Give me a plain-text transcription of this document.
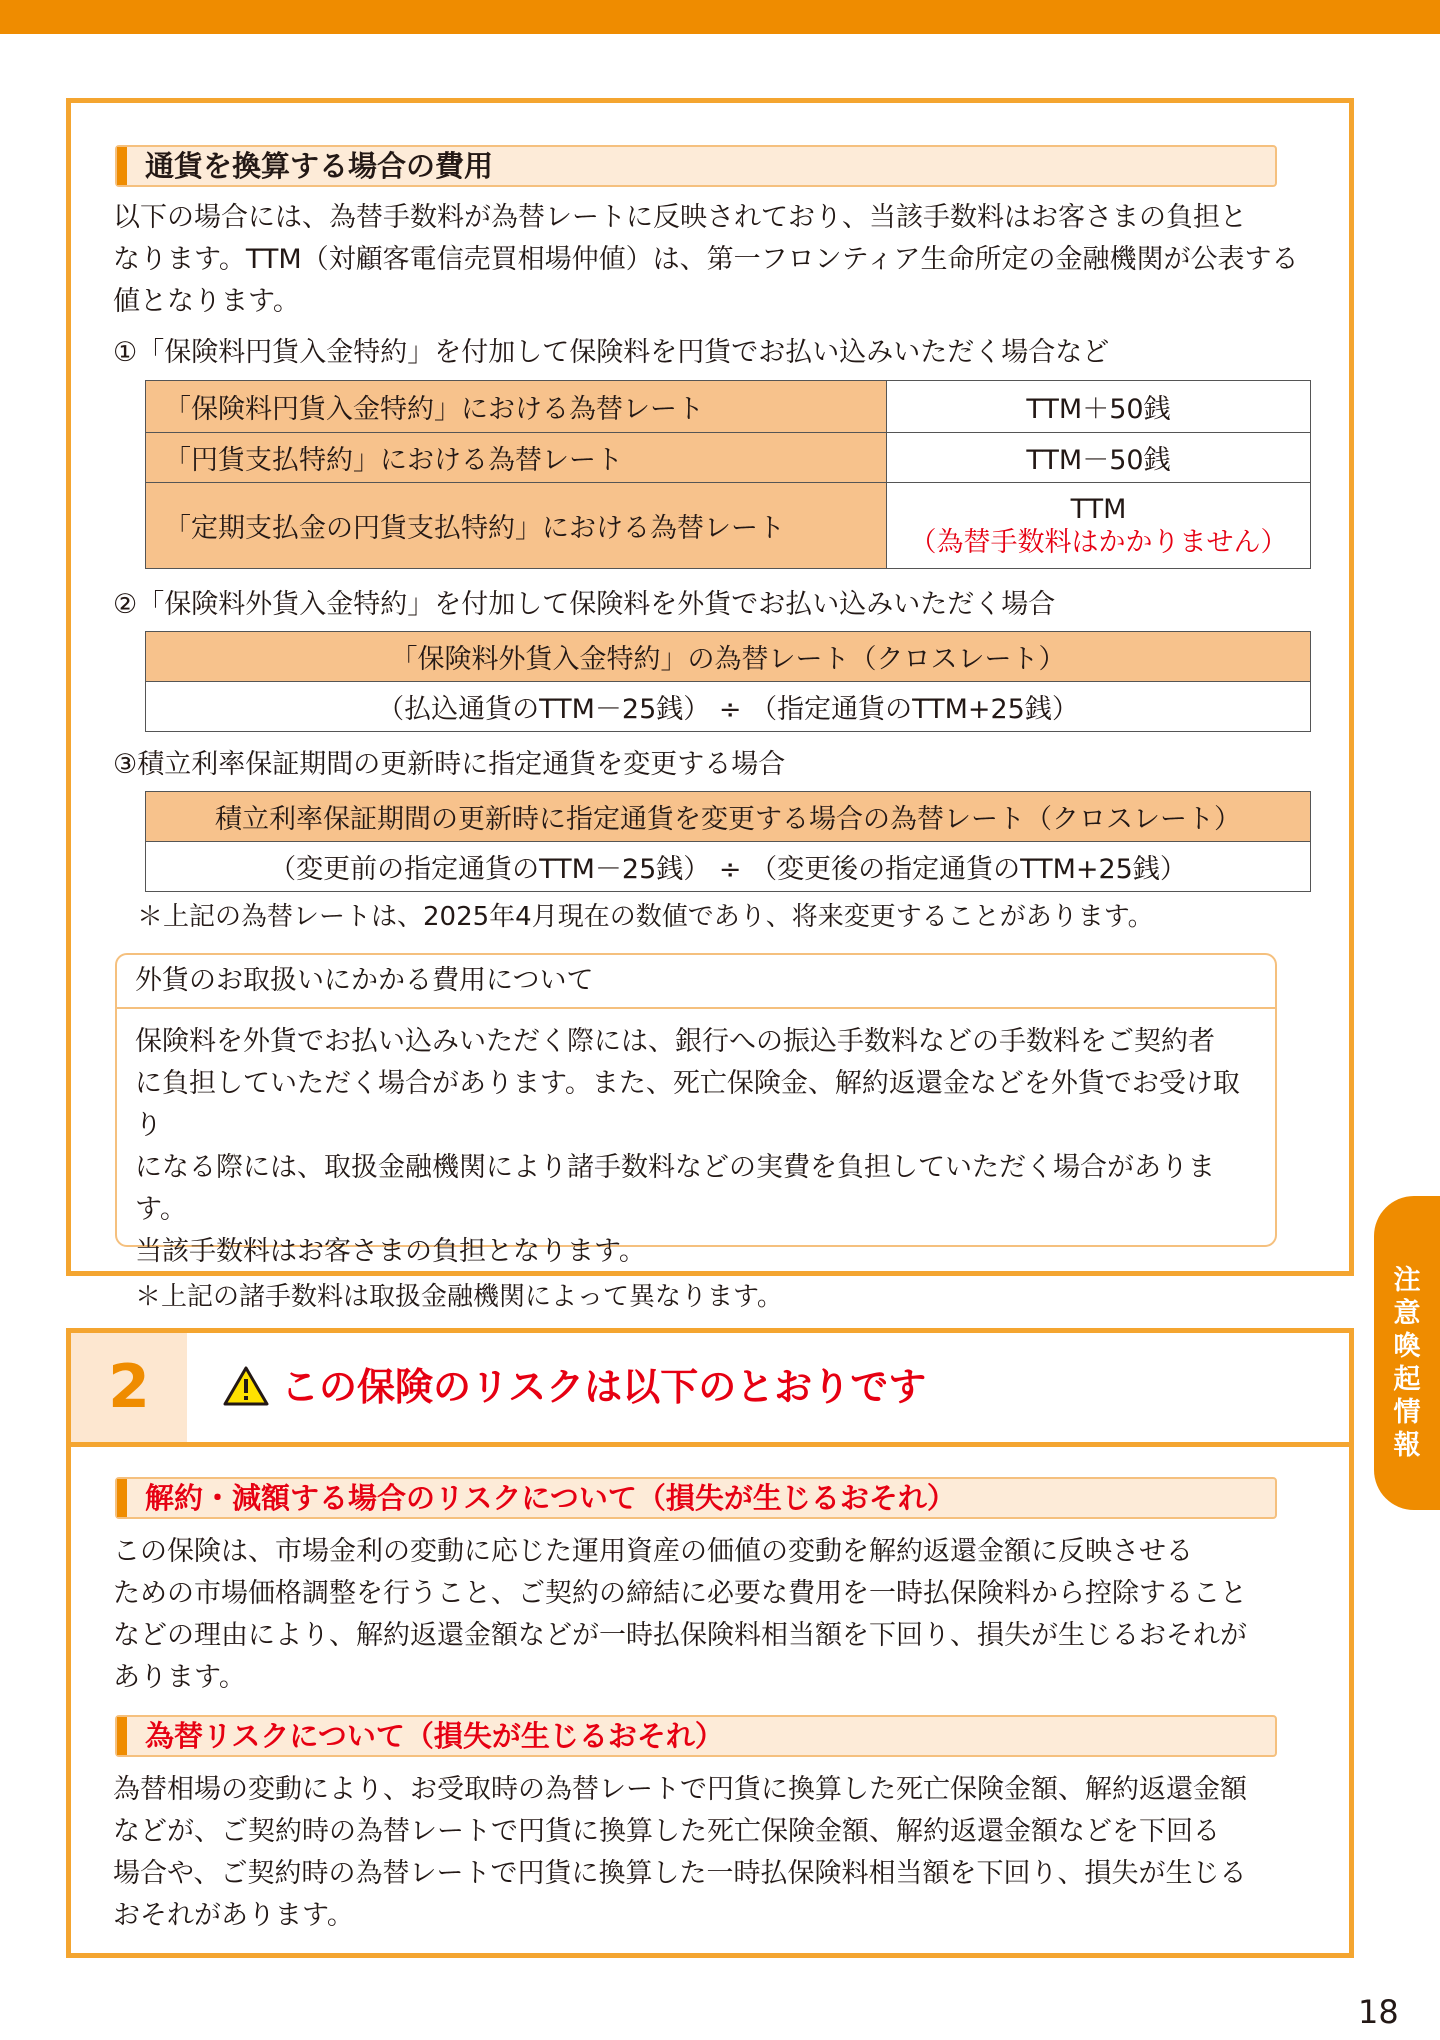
通貨を換算する場合の費用
以下の場合には、為替手数料が為替レートに反映されており、当該手数料はお客さまの負担と
なります。TTM（対顧客電信売買相場仲値）は、第一フロンティア生命所定の金融機関が公表する
値となります。
①「保険料円貨入金特約」を付加して保険料を円貨でお払い込みいただく場合など
「保険料円貨入金特約」における為替レート	TTM＋50銭
「円貨支払特約」における為替レート	TTM－50銭
「定期支払金の円貨支払特約」における為替レート	TTM
（為替手数料はかかりません）
②「保険料外貨入金特約」を付加して保険料を外貨でお払い込みいただく場合
「保険料外貨入金特約」の為替レート（クロスレート）
（払込通貨のTTM－25銭） ÷ （指定通貨のTTM+25銭）
③積立利率保証期間の更新時に指定通貨を変更する場合
積立利率保証期間の更新時に指定通貨を変更する場合の為替レート（クロスレート）
（変更前の指定通貨のTTM－25銭） ÷ （変更後の指定通貨のTTM+25銭）
＊上記の為替レートは、2025年4月現在の数値であり、将来変更することがあります。
外貨のお取扱いにかかる費用について
保険料を外貨でお払い込みいただく際には、銀行への振込手数料などの手数料をご契約者
に負担していただく場合があります。また、死亡保険金、解約返還金などを外貨でお受け取り
になる際には、取扱金融機関により諸手数料などの実費を負担していただく場合があります。
当該手数料はお客さまの負担となります。
＊上記の諸手数料は取扱金融機関によって異なります。
2	この保険のリスクは以下のとおりです
解約・減額する場合のリスクについて（損失が生じるおそれ）
この保険は、市場金利の変動に応じた運用資産の価値の変動を解約返還金額に反映させる
ための市場価格調整を行うこと、ご契約の締結に必要な費用を一時払保険料から控除すること
などの理由により、解約返還金額などが一時払保険料相当額を下回り、損失が生じるおそれが
あります。
為替リスクについて（損失が生じるおそれ）
為替相場の変動により、お受取時の為替レートで円貨に換算した死亡保険金額、解約返還金額
などが、ご契約時の為替レートで円貨に換算した死亡保険金額、解約返還金額などを下回る
場合や、ご契約時の為替レートで円貨に換算した一時払保険料相当額を下回り、損失が生じる
おそれがあります。
注
意
喚
起
情
報
18
